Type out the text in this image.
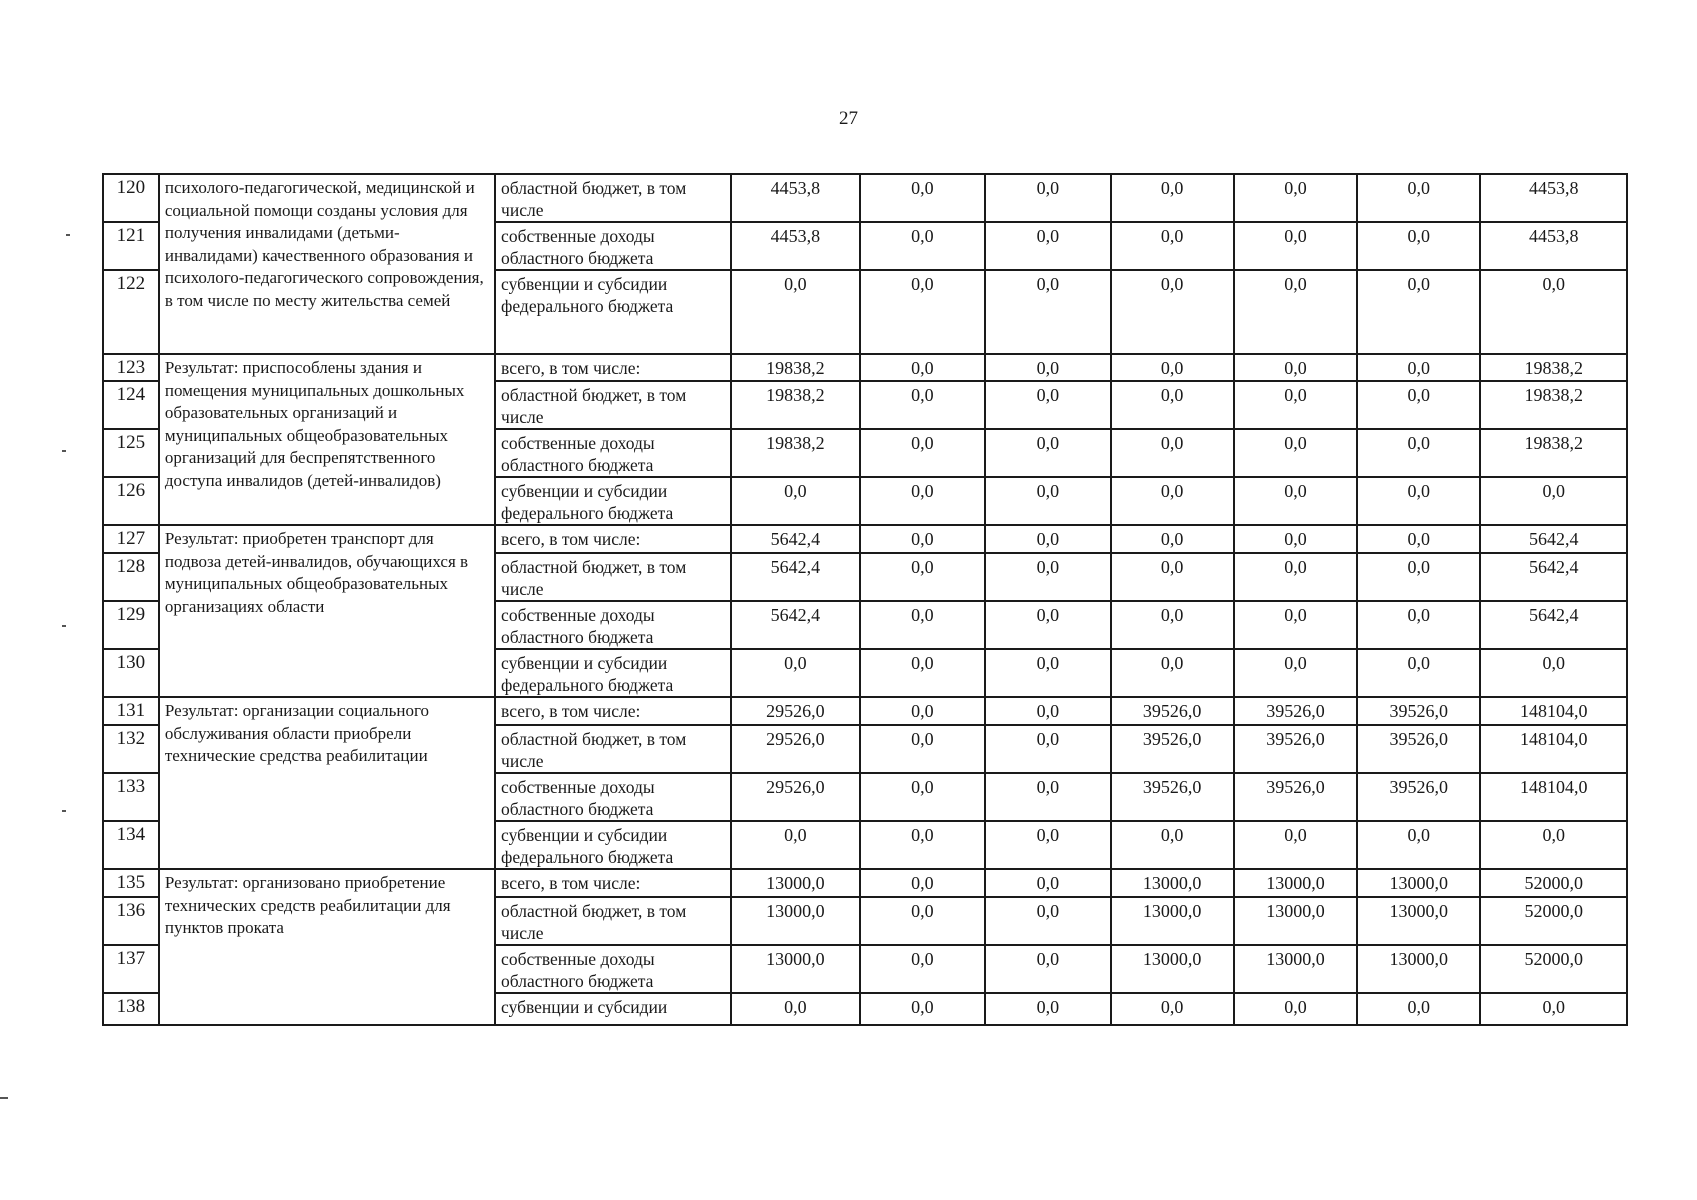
27
120	психолого-педагогической, медицинской и социальной помощи созданы условия для получения инвалидами (детьми-инвалидами) качественного образования и психолого-педагогического сопровождения, в том числе по месту жительства семей	областной бюджет, в том числе	4453,8	0,0	0,0	0,0	0,0	0,0	4453,8
121		собственные доходы областного бюджета	4453,8	0,0	0,0	0,0	0,0	0,0	4453,8
122		субвенции и субсидии федерального бюджета	0,0	0,0	0,0	0,0	0,0	0,0	0,0
123	Результат: приспособлены здания и помещения муниципальных дошкольных образовательных организаций и муниципальных общеобразовательных организаций для беспрепятственного доступа инвалидов (детей-инвалидов)	всего, в том числе:	19838,2	0,0	0,0	0,0	0,0	0,0	19838,2
124		областной бюджет, в том числе	19838,2	0,0	0,0	0,0	0,0	0,0	19838,2
125		собственные доходы областного бюджета	19838,2	0,0	0,0	0,0	0,0	0,0	19838,2
126		субвенции и субсидии федерального бюджета	0,0	0,0	0,0	0,0	0,0	0,0	0,0
127	Результат: приобретен транспорт для подвоза детей-инвалидов, обучающихся в муниципальных общеобразовательных организациях области	всего, в том числе:	5642,4	0,0	0,0	0,0	0,0	0,0	5642,4
128		областной бюджет, в том числе	5642,4	0,0	0,0	0,0	0,0	0,0	5642,4
129		собственные доходы областного бюджета	5642,4	0,0	0,0	0,0	0,0	0,0	5642,4
130		субвенции и субсидии федерального бюджета	0,0	0,0	0,0	0,0	0,0	0,0	0,0
131	Результат: организации социального обслуживания области приобрели технические средства реабилитации	всего, в том числе:	29526,0	0,0	0,0	39526,0	39526,0	39526,0	148104,0
132		областной бюджет, в том числе	29526,0	0,0	0,0	39526,0	39526,0	39526,0	148104,0
133		собственные доходы областного бюджета	29526,0	0,0	0,0	39526,0	39526,0	39526,0	148104,0
134		субвенции и субсидии федерального бюджета	0,0	0,0	0,0	0,0	0,0	0,0	0,0
135	Результат: организовано приобретение технических средств реабилитации для пунктов проката	всего, в том числе:	13000,0	0,0	0,0	13000,0	13000,0	13000,0	52000,0
136		областной бюджет, в том числе	13000,0	0,0	0,0	13000,0	13000,0	13000,0	52000,0
137		собственные доходы областного бюджета	13000,0	0,0	0,0	13000,0	13000,0	13000,0	52000,0
138		субвенции и субсидии	0,0	0,0	0,0	0,0	0,0	0,0	0,0
